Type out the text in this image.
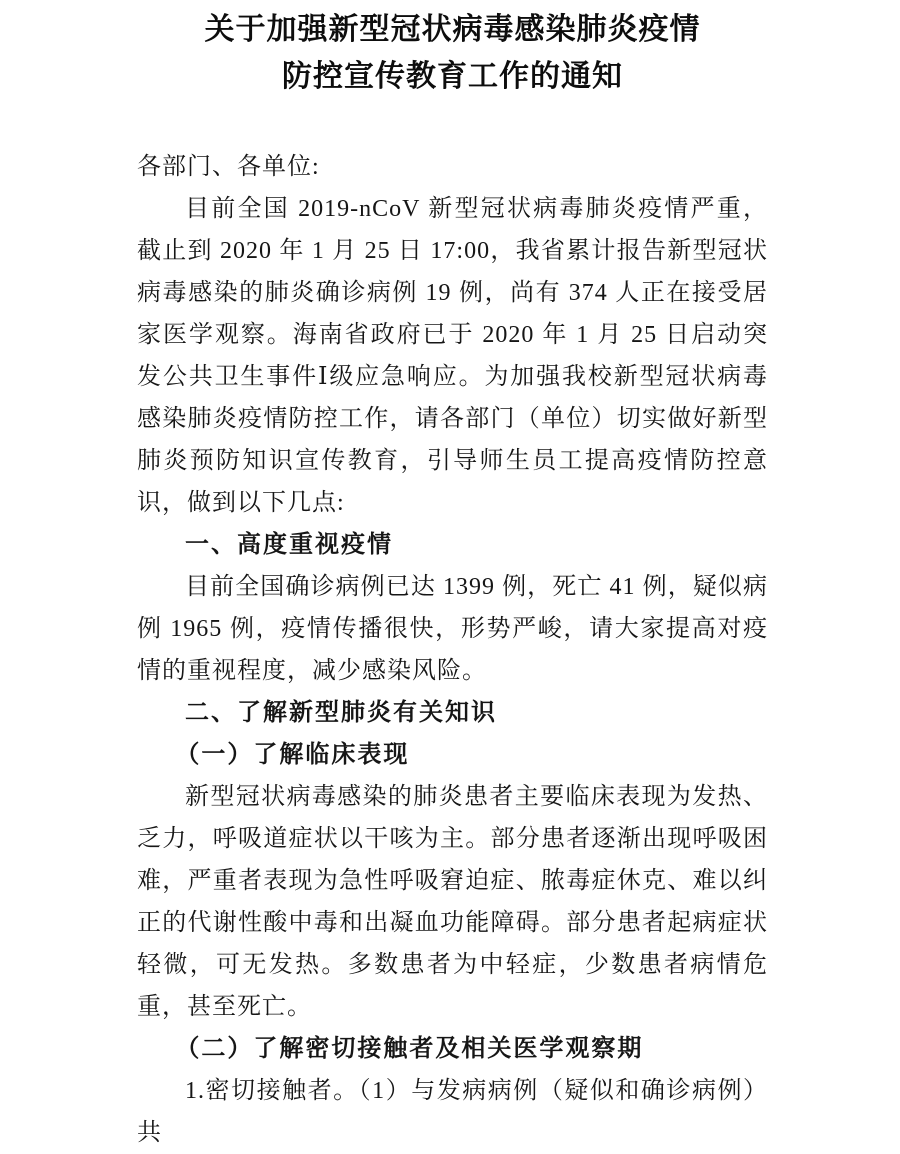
关于加强新型冠状病毒感染肺炎疫情
防控宣传教育工作的通知

各部门、各单位:

目前全国 2019-nCoV 新型冠状病毒肺炎疫情严重，截止到 2020 年 1 月 25 日 17:00，我省累计报告新型冠状病毒感染的肺炎确诊病例 19 例，尚有 374 人正在接受居家医学观察。海南省政府已于 2020 年 1 月 25 日启动突发公共卫生事件Ⅰ级应急响应。为加强我校新型冠状病毒感染肺炎疫情防控工作，请各部门（单位）切实做好新型肺炎预防知识宣传教育，引导师生员工提高疫情防控意识，做到以下几点:

一、高度重视疫情

目前全国确诊病例已达 1399 例，死亡 41 例，疑似病例 1965 例，疫情传播很快，形势严峻，请大家提高对疫情的重视程度，减少感染风险。

二、了解新型肺炎有关知识

（一）了解临床表现

新型冠状病毒感染的肺炎患者主要临床表现为发热、乏力，呼吸道症状以干咳为主。部分患者逐渐出现呼吸困难，严重者表现为急性呼吸窘迫症、脓毒症休克、难以纠正的代谢性酸中毒和出凝血功能障碍。部分患者起病症状轻微，可无发热。多数患者为中轻症，少数患者病情危重，甚至死亡。

（二）了解密切接触者及相关医学观察期

1.密切接触者。（1）与发病病例（疑似和确诊病例）共
